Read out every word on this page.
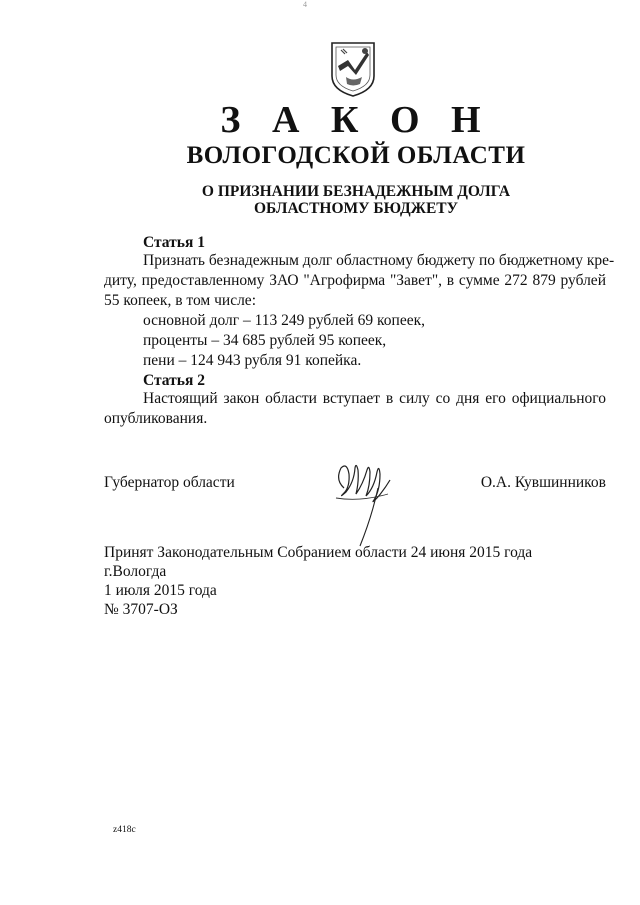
4
З А К О Н
ВОЛОГОДСКОЙ ОБЛАСТИ
О ПРИЗНАНИИ БЕЗНАДЕЖНЫМ ДОЛГА
ОБЛАСТНОМУ БЮДЖЕТУ
Статья 1
Признать безнадежным долг областному бюджету по бюджетному кре-
диту, предоставленному ЗАО "Агрофирма "Завет", в сумме 272 879 рублей
55 копеек, в том числе:
основной долг – 113 249 рублей 69 копеек,
проценты – 34 685 рублей 95 копеек,
пени – 124 943 рубля 91 копейка.
Статья 2
Настоящий закон области вступает в силу со дня его официального
опубликования.
Губернатор области	О.А. Кувшинников
Принят Законодательным Собранием области 24 июня 2015 года
г.Вологда
1 июля 2015 года
№ 3707-ОЗ
z418c
